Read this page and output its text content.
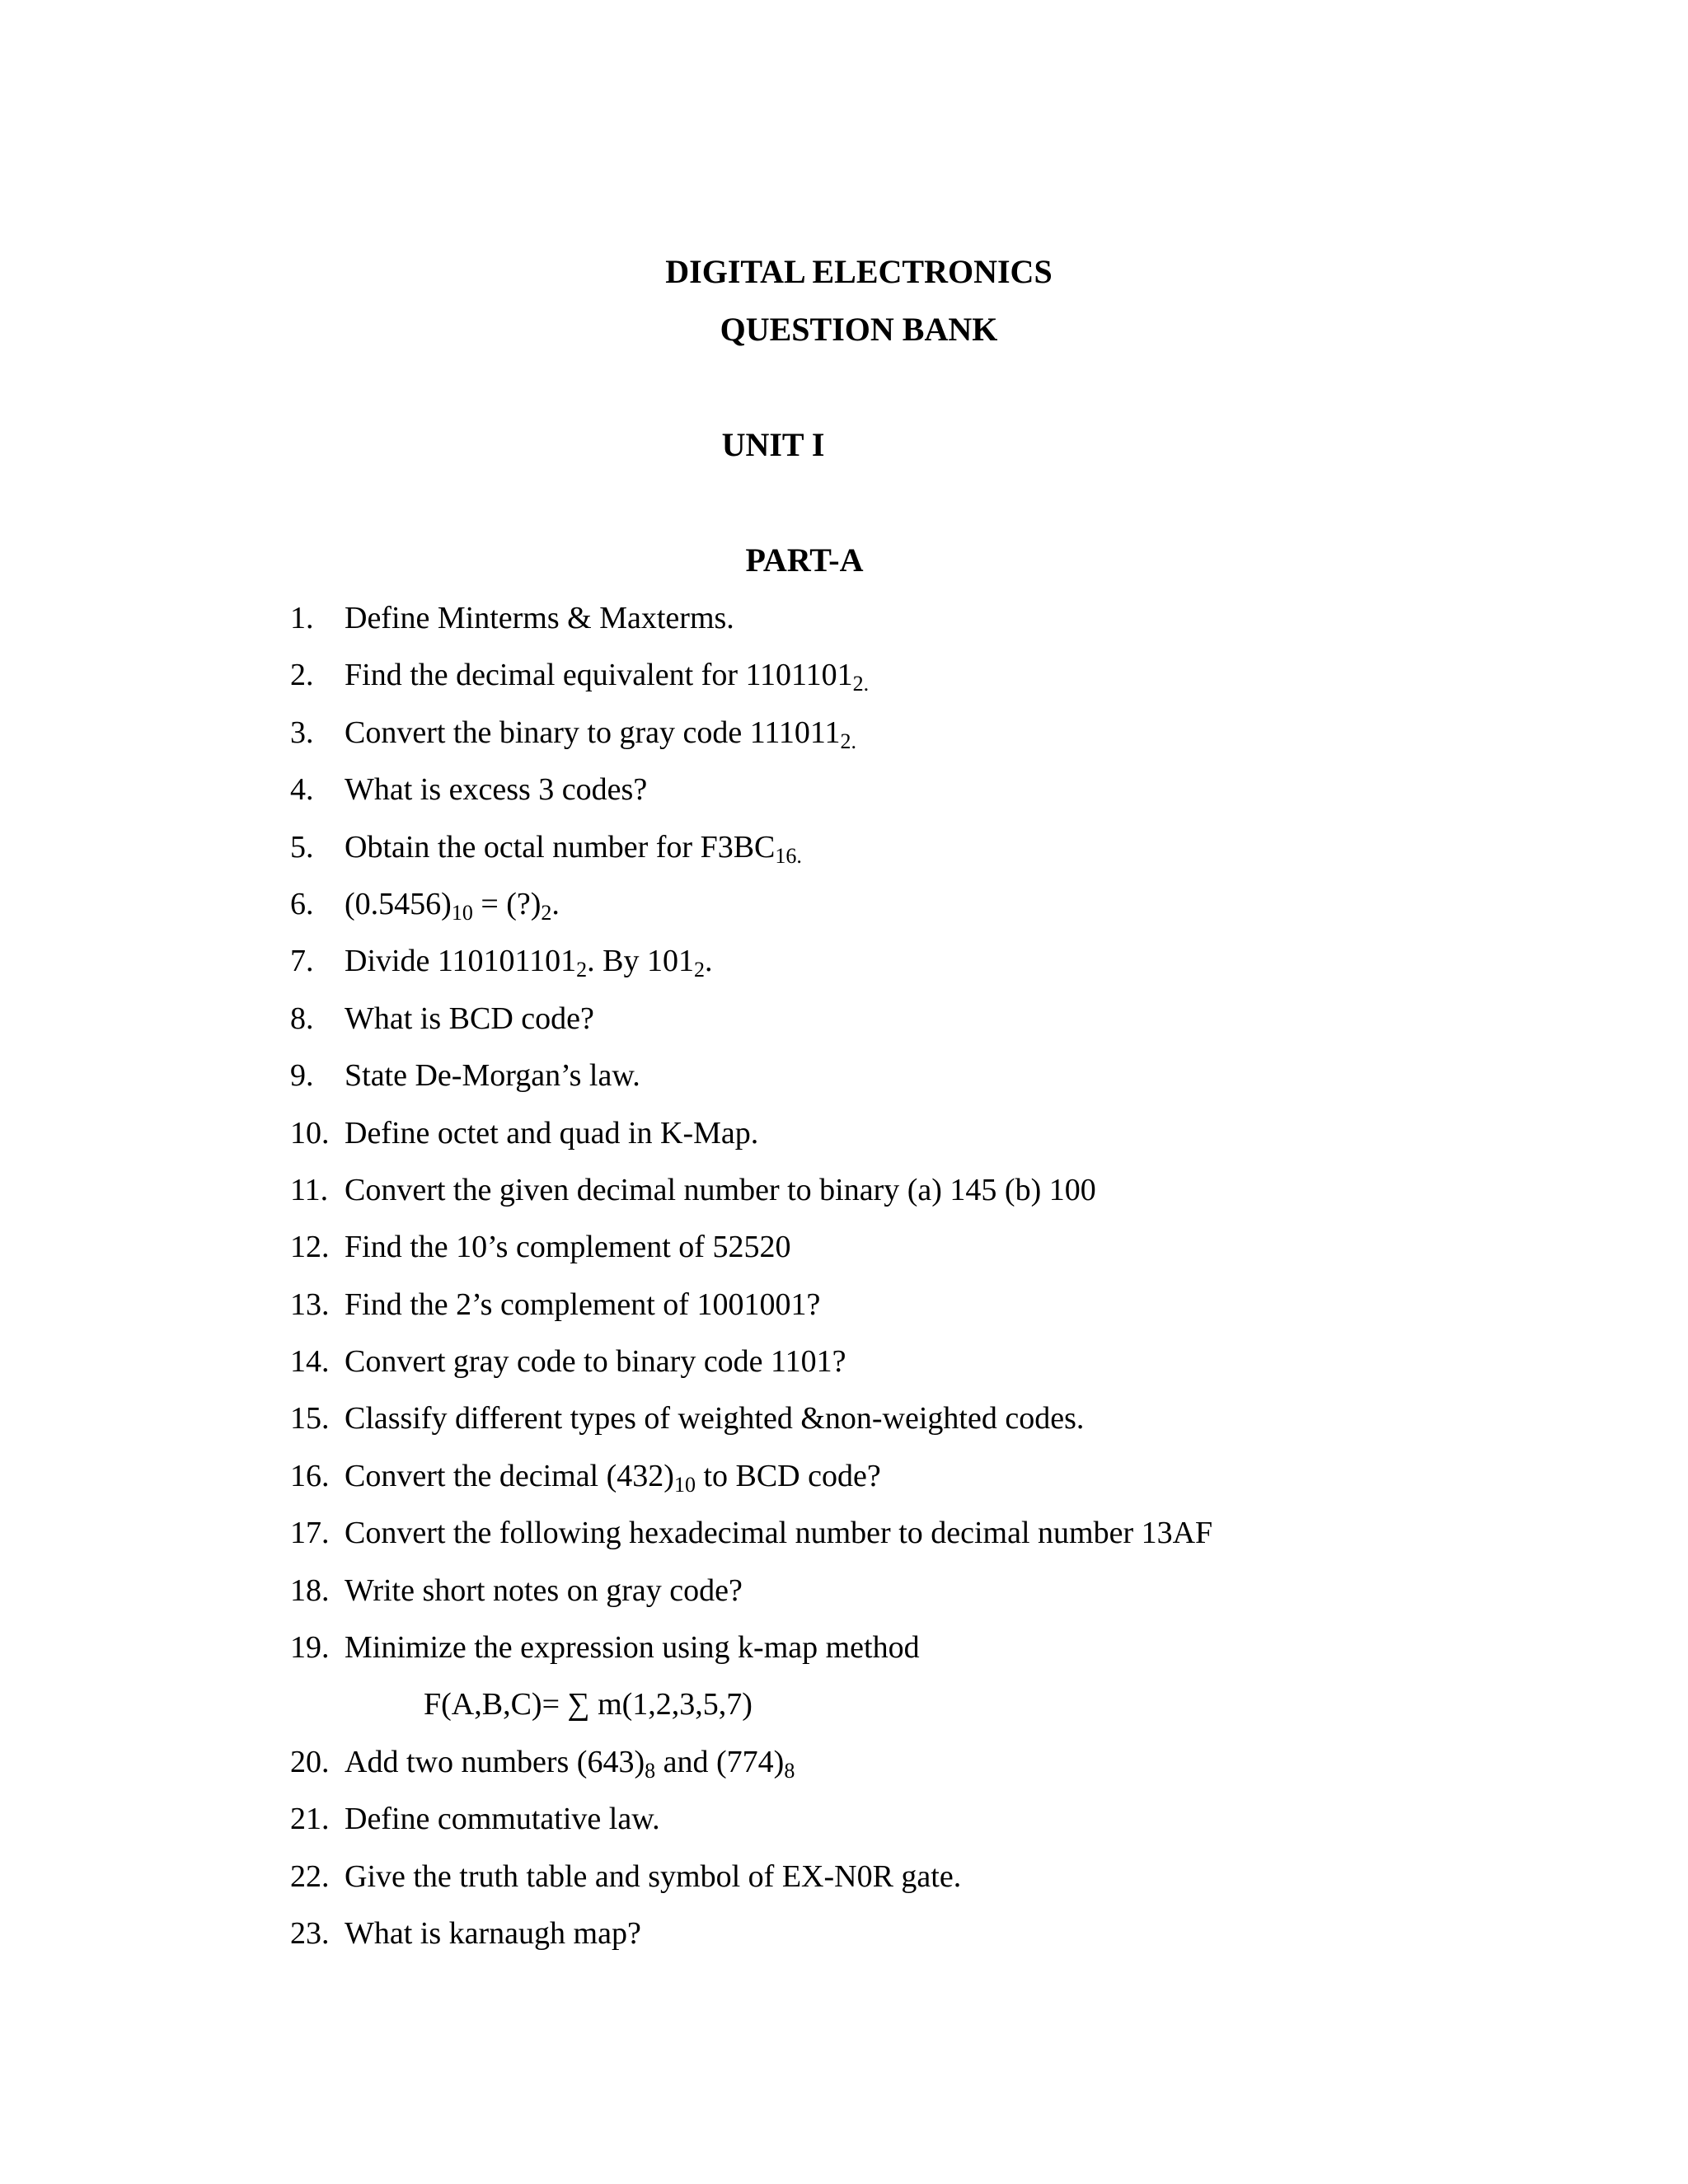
DIGITAL ELECTRONICS
QUESTION BANK
UNIT I
PART-A
1. Define Minterms & Maxterms.
2. Find the decimal equivalent for $1101101_{2.}$
3. Convert the binary to gray code $111011_{2.}$
4. What is excess 3 codes?
5. Obtain the octal number for $F3BC_{16.}$
6. $(0.5456)_{10}$ = $(?)_2$.
7. Divide $110101101_2$. By $101_2$.
8. What is BCD code?
9. State De-Morgan’s law.
10. Define octet and quad in K-Map.
11. Convert the given decimal number to binary (a) 145 (b) 100
12. Find the 10’s complement of 52520
13. Find the 2’s complement of 1001001?
14. Convert gray code to binary code 1101?
15. Classify different types of weighted &non-weighted codes.
16. Convert the decimal $(432)_{10}$ to BCD code?
17. Convert the following hexadecimal number to decimal number 13AF
18. Write short notes on gray code?
19. Minimize the expression using k-map method
F(A,B,C)= ∑ m(1,2,3,5,7)
20. Add two numbers $(643)_8$ and $(774)_8$
21. Define commutative law.
22. Give the truth table and symbol of EX-N0R gate.
23. What is karnaugh map?
